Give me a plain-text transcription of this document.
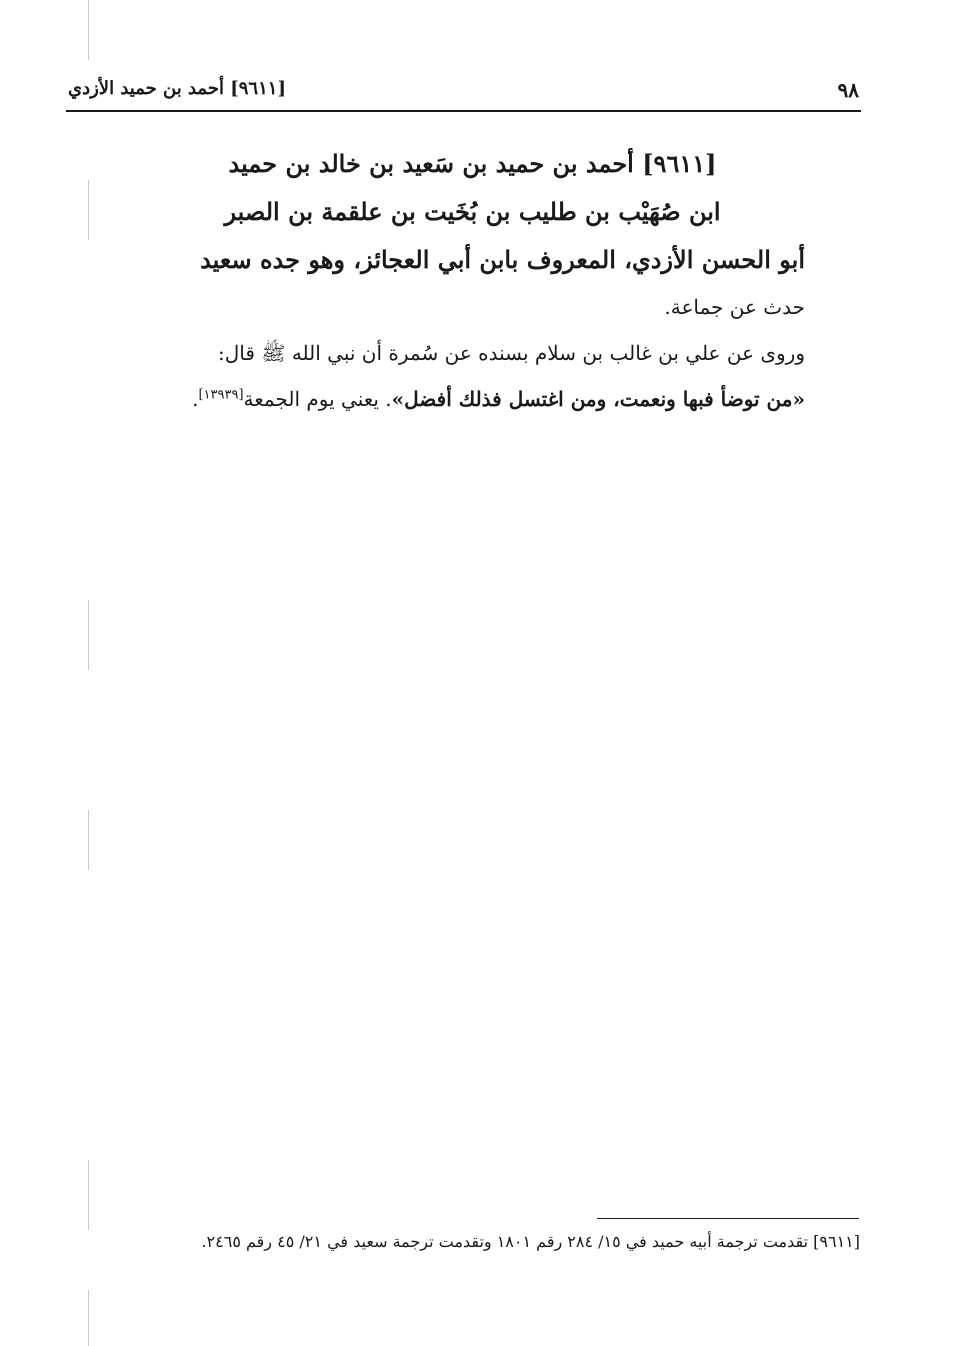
٩٨
[٩٦١١] أحمد بن حميد الأزدي
[٩٦١١] أحمد بن حميد بن سَعيد بن خالد بن حميد
ابن صُهَيْب بن طليب بن بُخَيت بن علقمة بن الصبر
أبو الحسن الأزدي، المعروف بابن أبي العجائز، وهو جده سعيد

حدث عن جماعة.

وروى عن علي بن غالب بن سلام بسنده عن سُمرة أن نبي الله ﷺ قال:

«من توضأ فبها ونعمت، ومن اغتسل فذلك أفضل». يعني يوم الجمعة[١٣٩٣٩].

[٩٦١١] تقدمت ترجمة أبيه حميد في ١٥/ ٢٨٤ رقم ١٨٠١ وتقدمت ترجمة سعيد في ٢١/ ٤٥ رقم ٢٤٦٥.
